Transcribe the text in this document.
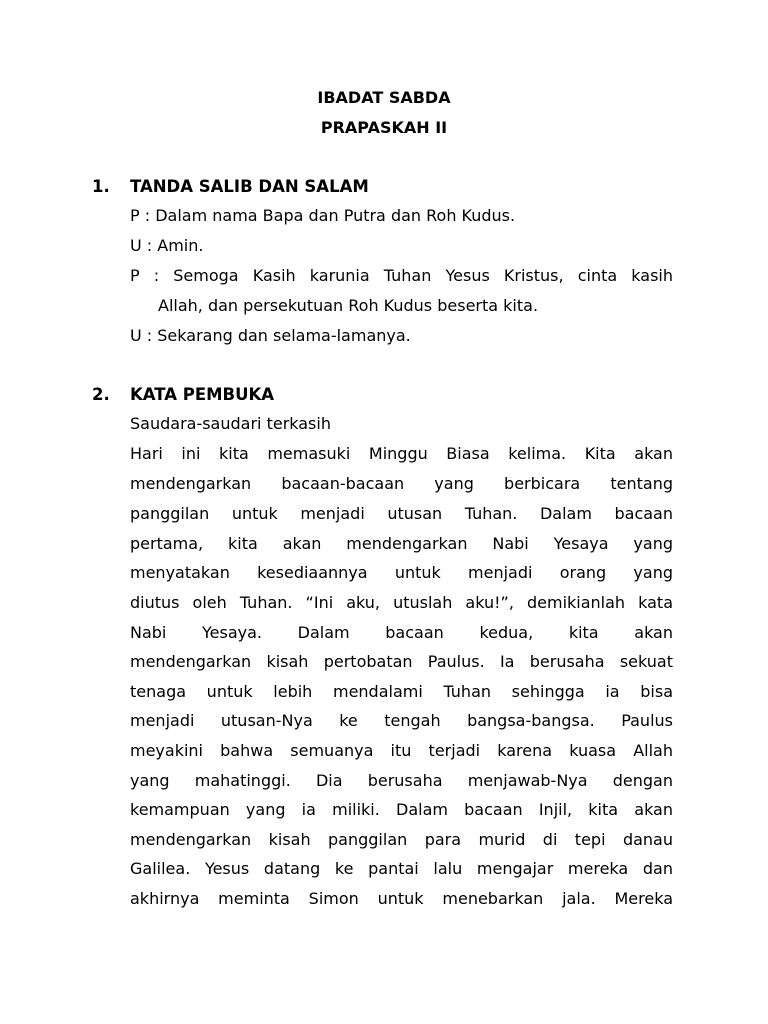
IBADAT SABDA

PRAPASKAH II

1. TANDA SALIB DAN SALAM

P : Dalam nama Bapa dan Putra dan Roh Kudus.

U : Amin.

P : Semoga Kasih karunia Tuhan Yesus Kristus, cinta kasih

Allah, dan persekutuan Roh Kudus beserta kita.

U : Sekarang dan selama-lamanya.

2. KATA PEMBUKA

Saudara-saudari terkasih

Hari ini kita memasuki Minggu Biasa kelima. Kita akan

mendengarkan bacaan-bacaan yang berbicara tentang

panggilan untuk menjadi utusan Tuhan. Dalam bacaan

pertama, kita akan mendengarkan Nabi Yesaya yang

menyatakan kesediaannya untuk menjadi orang yang

diutus oleh Tuhan. “Ini aku, utuslah aku!”, demikianlah kata

Nabi Yesaya. Dalam bacaan kedua, kita akan

mendengarkan kisah pertobatan Paulus. Ia berusaha sekuat

tenaga untuk lebih mendalami Tuhan sehingga ia bisa

menjadi utusan-Nya ke tengah bangsa-bangsa. Paulus

meyakini bahwa semuanya itu terjadi karena kuasa Allah

yang mahatinggi. Dia berusaha menjawab-Nya dengan

kemampuan yang ia miliki. Dalam bacaan Injil, kita akan

mendengarkan kisah panggilan para murid di tepi danau

Galilea. Yesus datang ke pantai lalu mengajar mereka dan

akhirnya meminta Simon untuk menebarkan jala. Mereka
